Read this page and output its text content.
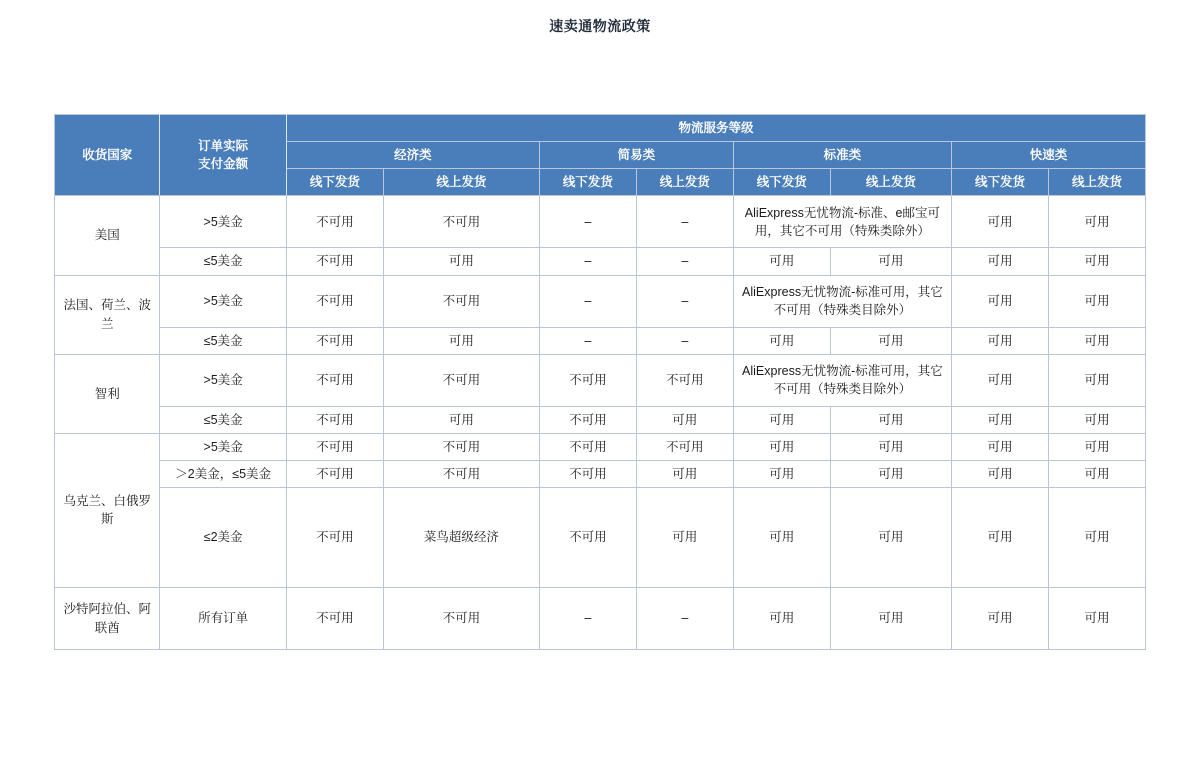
速卖通物流政策
收货国家	订单实际
支付金额	物流服务等级							
		经济类		简易类		标准类		快速类	
		线下发货	线上发货	线下发货	线上发货	线下发货	线上发货	线下发货	线上发货
美国	>5美金	不可用	不可用	–	–	AliExpress无忧物流-标准、e邮宝可用，其它不可用（特殊类除外）		可用	可用
	≤5美金	不可用	可用	–	–	可用	可用	可用	可用
法国、荷兰、波兰	>5美金	不可用	不可用	–	–	AliExpress无忧物流-标准可用，其它不可用（特殊类目除外）		可用	可用
	≤5美金	不可用	可用	–	–	可用	可用	可用	可用
智利	>5美金	不可用	不可用	不可用	不可用	AliExpress无忧物流-标准可用，其它不可用（特殊类目除外）		可用	可用
	≤5美金	不可用	可用	不可用	可用	可用	可用	可用	可用
乌克兰、白俄罗斯	>5美金	不可用	不可用	不可用	不可用	可用	可用	可用	可用
	＞2美金，≤5美金	不可用	不可用	不可用	可用	可用	可用	可用	可用
	≤2美金	不可用	菜鸟超级经济	不可用	可用	可用	可用	可用	可用
沙特阿拉伯、阿联酋	所有订单	不可用	不可用	–	–	可用	可用	可用	可用
